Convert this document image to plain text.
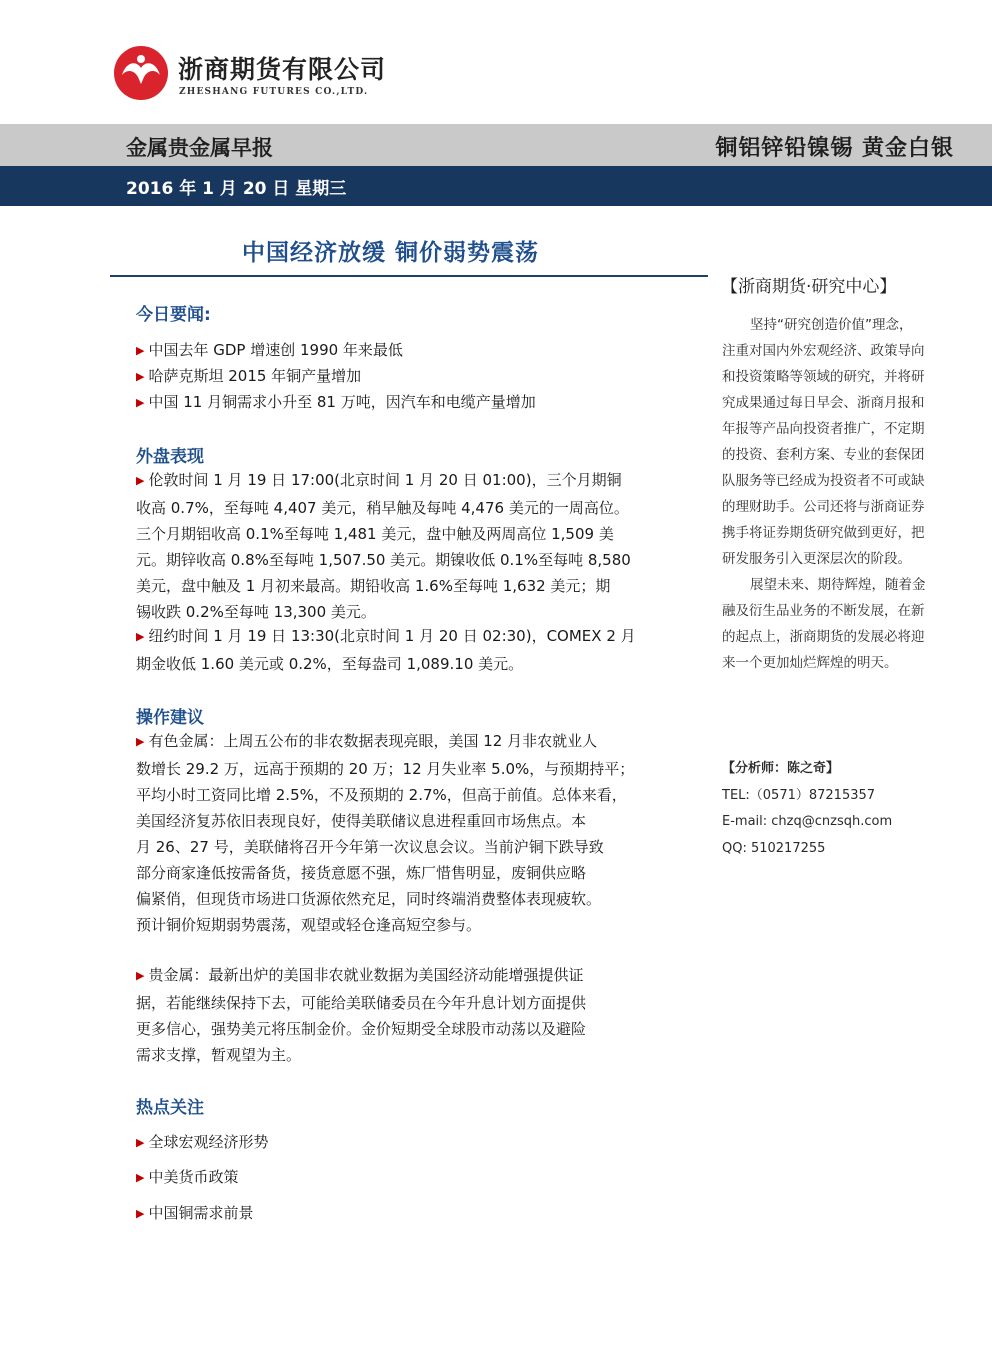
浙商期货有限公司
ZHESHANG FUTURES CO.,LTD.
金属贵金属早报	铜铝锌铅镍锡 黄金白银
2016 年 1 月 20 日 星期三
中国经济放缓 铜价弱势震荡
今日要闻:
▶ 中国去年 GDP 增速创 1990 年来最低
▶ 哈萨克斯坦 2015 年铜产量增加
▶ 中国 11 月铜需求小升至 81 万吨，因汽车和电缆产量增加
外盘表现
▶ 伦敦时间 1 月 19 日 17:00(北京时间 1 月 20 日 01:00)，三个月期铜
收高 0.7%，至每吨 4,407 美元，稍早触及每吨 4,476 美元的一周高位。
三个月期铝收高 0.1%至每吨 1,481 美元，盘中触及两周高位 1,509 美
元。期锌收高 0.8%至每吨 1,507.50 美元。期镍收低 0.1%至每吨 8,580
美元，盘中触及 1 月初来最高。期铅收高 1.6%至每吨 1,632 美元；期
锡收跌 0.2%至每吨 13,300 美元。
▶ 纽约时间 1 月 19 日 13:30(北京时间 1 月 20 日 02:30)，COMEX 2 月
期金收低 1.60 美元或 0.2%，至每盎司 1,089.10 美元。
操作建议
▶ 有色金属：上周五公布的非农数据表现亮眼，美国 12 月非农就业人
数增长 29.2 万，远高于预期的 20 万；12 月失业率 5.0%，与预期持平；
平均小时工资同比增 2.5%，不及预期的 2.7%，但高于前值。总体来看，
美国经济复苏依旧表现良好，使得美联储议息进程重回市场焦点。本
月 26、27 号，美联储将召开今年第一次议息会议。当前沪铜下跌导致
部分商家逢低按需备货，接货意愿不强，炼厂惜售明显，废铜供应略
偏紧俏，但现货市场进口货源依然充足，同时终端消费整体表现疲软。
预计铜价短期弱势震荡，观望或轻仓逢高短空参与。
▶ 贵金属：最新出炉的美国非农就业数据为美国经济动能增强提供证
据，若能继续保持下去，可能给美联储委员在今年升息计划方面提供
更多信心，强势美元将压制金价。金价短期受全球股市动荡以及避险
需求支撑，暂观望为主。
热点关注
▶ 全球宏观经济形势
▶ 中美货币政策
▶ 中国铜需求前景
【浙商期货·研究中心】
坚持“研究创造价值”理念，
注重对国内外宏观经济、政策导向
和投资策略等领域的研究，并将研
究成果通过每日早会、浙商月报和
年报等产品向投资者推广，不定期
的投资、套利方案、专业的套保团
队服务等已经成为投资者不可或缺
的理财助手。公司还将与浙商证券
携手将证券期货研究做到更好，把
研发服务引入更深层次的阶段。
展望未来、期待辉煌，随着金
融及衍生品业务的不断发展，在新
的起点上，浙商期货的发展必将迎
来一个更加灿烂辉煌的明天。
【分析师：陈之奇】
TEL:（0571）87215357
E-mail: chzq@cnzsqh.com
QQ: 510217255
